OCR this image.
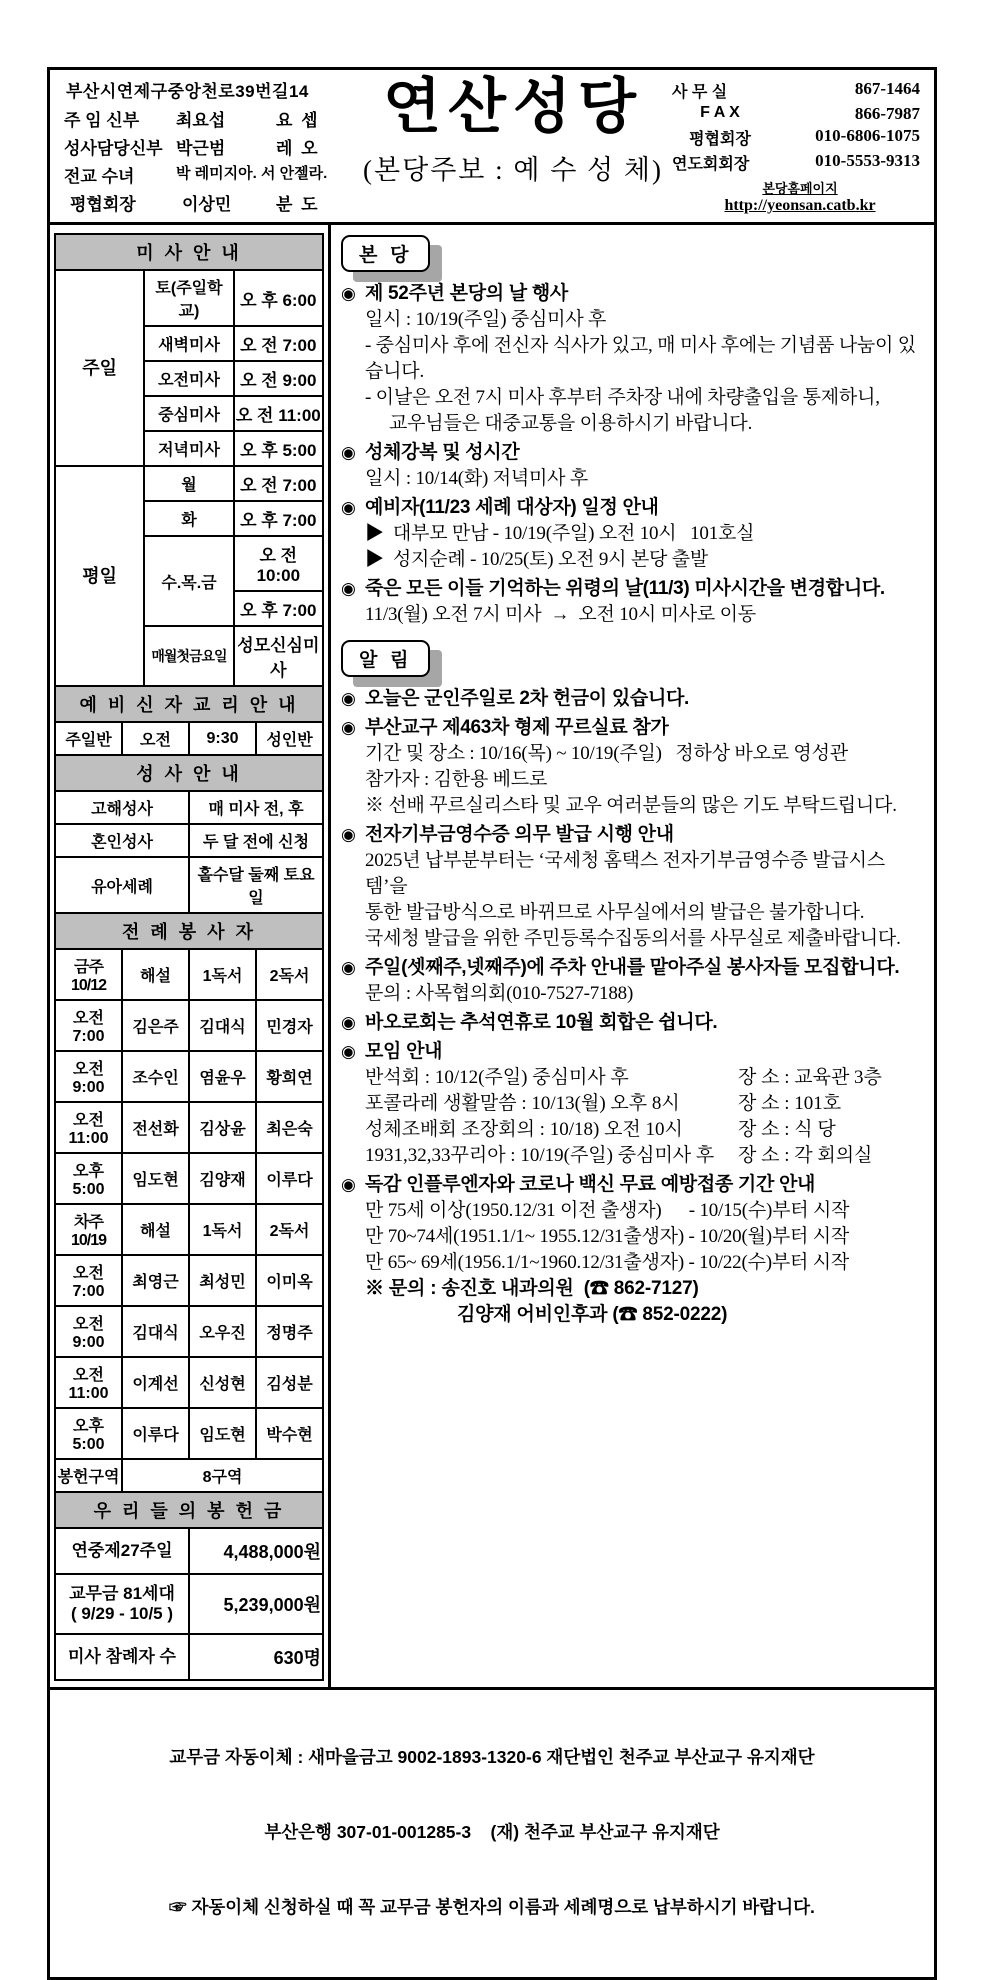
부산시연제구중앙천로39번길14
주 임 신부	최요섭	요 셉
성사담당신부 박근범	레 오
전교 수녀	박 레미지아. 서 안젤라.
평협회장	이상민	분 도
연산성당
(본당주보 : 예 수 성 체)
사 무 실	867-1464
F A X	866-7987
평협회장	010-6806-1075
연도회회장	010-5553-9313
본당홈페이지
http://yeonsan.catb.kr
미 사 안 내		
주일	토(주일학교)	오 후 6:00
	새벽미사	오 전 7:00
	오전미사	오 전 9:00
	중심미사	오 전 11:00
	저녁미사	오 후 5:00
평일	월	오 전 7:00
	화	오 후 7:00
	수.목.금	오 전 10:00
		오 후 7:00
	매월첫금요일	성모신심미사
예 비 신 자 교 리 안 내
주일반	오전	9:30	성인반
성 사 안 내	
고해성사	매 미사 전, 후
혼인성사	두 달 전에 신청
유아세례	홀수달 둘째 토요일
전 례 봉 사 자			
금주10/12	해설	1독서	2독서
오전 7:00	김은주	김대식	민경자
오전 9:00	조수인	염윤우	황희연
오전11:00	전선화	김상윤	최은숙
오후 5:00	임도현	김양재	이루다
차주10/19	해설	1독서	2독서
오전 7:00	최영근	최성민	이미옥
오전 9:00	김대식	오우진	정명주
오전11:00	이계선	신성현	김성분
오후 5:00	이루다	임도현	박수현
봉헌구역	8구역		
우 리 들 의 봉 헌 금	
연중제27주일	4,488,000원

교무금 81세대
( 9/29 - 10/5 )	5,239,000원
미사 참례자 수	630명
본 당
◉ 제 52주년 본당의 날 행사
일시 : 10/19(주일) 중심미사 후
- 중심미사 후에 전신자 식사가 있고, 매 미사 후에는 기념품 나눔이 있습니다.
- 이날은 오전 7시 미사 후부터 주차장 내에 차량출입을 통제하니,
교우님들은 대중교통을 이용하시기 바랍니다.
◉ 성체강복 및 성시간
일시 : 10/14(화) 저녁미사 후
◉ 예비자(11/23 세례 대상자) 일정 안내
▶  대부모 만남 - 10/19(주일) 오전 10시   101호실
▶  성지순례 - 10/25(토) 오전 9시 본당 출발
◉ 죽은 모든 이들 기억하는 위령의 날(11/3) 미사시간을 변경합니다.
11/3(월) 오전 7시 미사  →  오전 10시 미사로 이동
알 림
◉ 오늘은 군인주일로 2차 헌금이 있습니다.
◉ 부산교구 제463차 형제 꾸르실료 참가
기간 및 장소 : 10/16(목) ~ 10/19(주일)   정하상 바오로 영성관
참가자 : 김한용 베드로
※ 선배 꾸르실리스타 및 교우 여러분들의 많은 기도 부탁드립니다.
◉ 전자기부금영수증 의무 발급 시행 안내
2025년 납부분부터는 ‘국세청 홈택스 전자기부금영수증 발급시스템’을
통한 발급방식으로 바뀌므로 사무실에서의 발급은 불가합니다.
국세청 발급을 위한 주민등록수집동의서를 사무실로 제출바랍니다.
◉ 주일(셋째주,넷째주)에 주차 안내를 맡아주실 봉사자들 모집합니다.
문의 : 사목협의회(010-7527-7188)
◉ 바오로회는 추석연휴로 10월 회합은 쉽니다.
◉ 모임 안내
반석회 : 10/12(주일) 중심미사 후	장 소 : 교육관 3층
포콜라레 생활말씀 : 10/13(월) 오후 8시	장 소 : 101호
성체조배회 조장회의 : 10/18) 오전 10시	장 소 : 식 당
1931,32,33꾸리아 : 10/19(주일) 중심미사 후	장 소 : 각 회의실
◉ 독감 인플루엔자와 코로나 백신 무료 예방접종 기간 안내
만 75세 이상(1950.12/31 이전 출생자)      - 10/15(수)부터 시작
만 70~74세(1951.1/1~ 1955.12/31출생자) - 10/20(월)부터 시작
만 65~ 69세(1956.1/1~1960.12/31출생자) - 10/22(수)부터 시작
※ 문의 : 송진호 내과의원  (☎ 862-7127)
김양재 어비인후과 (☎ 852-0222)

교무금 자동이체 : 새마을금고 9002-1893-1320-6 재단법인 천주교 부산교구 유지재단

부산은행 307-01-001285-3    (재) 천주교 부산교구 유지재단

☞ 자동이체 신청하실 때 꼭 교무금 봉헌자의 이름과 세례명으로 납부하시기 바랍니다.
